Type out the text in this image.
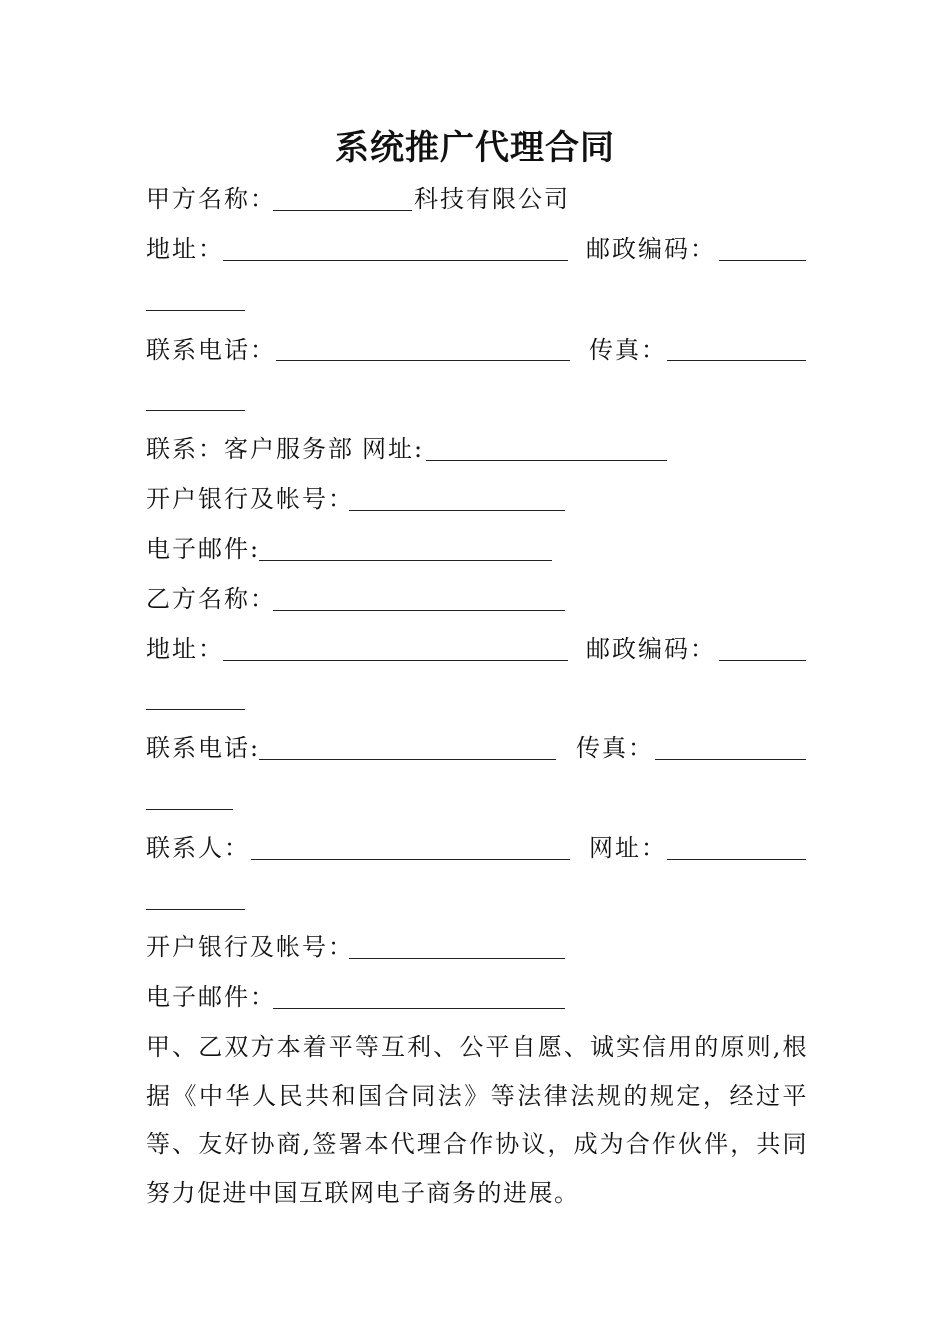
系统推广代理合同
甲方名称：	科技有限公司
地址：	邮政编码：
联系电话：	传真：
联系：客户服务部 网址:
开户银行及帐号：
电子邮件:
乙方名称：
地址：	邮政编码：
联系电话:	传真：
联系人：	网址：
开户银行及帐号：
电子邮件：
甲、乙双方本着平等互利、公平自愿、诚实信用的原则,根据《中华人民共和国合同法》等法律法规的规定，经过平等、友好协商,签署本代理合作协议，成为合作伙伴，共同努力促进中国互联网电子商务的进展。
